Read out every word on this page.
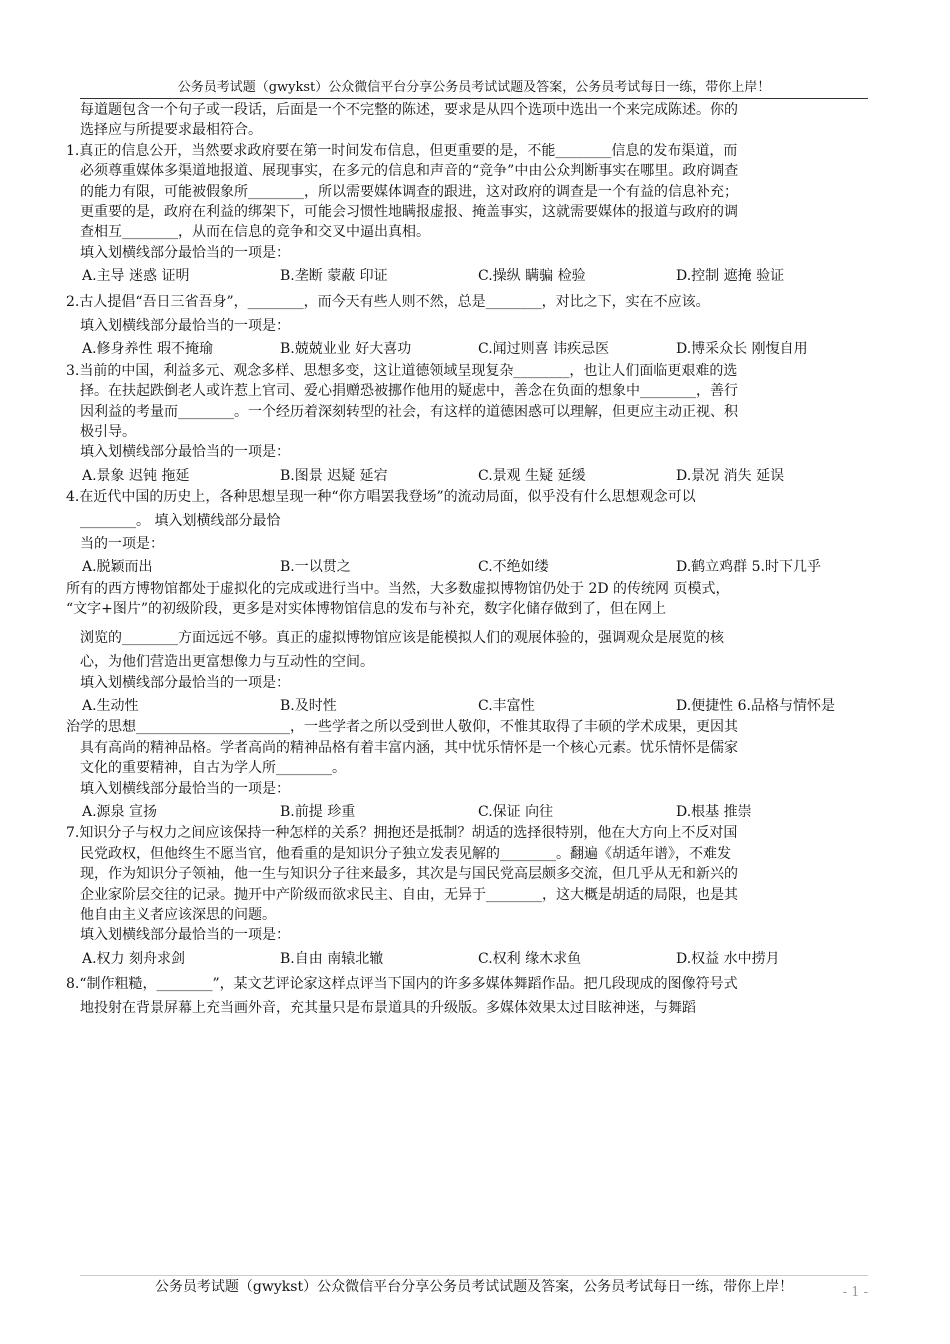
公务员考试题（gwykst）公众微信平台分享公务员考试试题及答案，公务员考试每日一练，带你上岸！
每道题包含一个句子或一段话，后面是一个不完整的陈述，要求是从四个选项中选出一个来完成陈述。你的
选择应与所提要求最相符合。
1.真正的信息公开，当然要求政府要在第一时间发布信息，但更重要的是，不能________信息的发布渠道，而
必须尊重媒体多渠道地报道、展现事实，在多元的信息和声音的“竞争”中由公众判断事实在哪里。政府调查
的能力有限，可能被假象所________，所以需要媒体调查的跟进，这对政府的调查是一个有益的信息补充；
更重要的是，政府在利益的绑架下，可能会习惯性地瞒报虚报、掩盖事实，这就需要媒体的报道与政府的调
查相互________，从而在信息的竞争和交叉中逼出真相。
填入划横线部分最恰当的一项是：
A.主导 迷惑 证明	B.垄断 蒙蔽 印证	C.操纵 瞒骗 检验	D.控制 遮掩 验证
2.古人提倡“吾日三省吾身”，________，而今天有些人则不然，总是________，对比之下，实在不应该。
填入划横线部分最恰当的一项是：
A.修身养性 瑕不掩瑜	B.兢兢业业 好大喜功	C.闻过则喜 讳疾忌医	D.博采众长 刚愎自用
3.当前的中国，利益多元、观念多样、思想多变，这让道德领域呈现复杂________，也让人们面临更艰难的选
择。在扶起跌倒老人或许惹上官司、爱心捐赠恐被挪作他用的疑虑中，善念在负面的想象中________，善行
因利益的考量而________。一个经历着深刻转型的社会，有这样的道德困惑可以理解，但更应主动正视、积
极引导。
填入划横线部分最恰当的一项是：
A.景象 迟钝 拖延	B.图景 迟疑 延宕	C.景观 生疑 延缓	D.景况 消失 延误
4.在近代中国的历史上，各种思想呈现一种“你方唱罢我登场”的流动局面，似乎没有什么思想观念可以
________。 填入划横线部分最恰
当的一项是：
A.脱颖而出	B.一以贯之	C.不绝如缕	D.鹤立鸡群 5.时下几乎
所有的西方博物馆都处于虚拟化的完成或进行当中。当然，大多数虚拟博物馆仍处于 2D 的传统网 页模式，
“文字+图片”的初级阶段，更多是对实体博物馆信息的发布与补充，数字化储存做到了，但在网上
浏览的________方面远远不够。真正的虚拟博物馆应该是能模拟人们的观展体验的，强调观众是展览的核
心，为他们营造出更富想像力与互动性的空间。
填入划横线部分最恰当的一项是：
A.生动性	B.及时性	C.丰富性	D.便捷性 6.品格与情怀是
治学的思想______________________，一些学者之所以受到世人敬仰，不惟其取得了丰硕的学术成果，更因其
具有高尚的精神品格。学者高尚的精神品格有着丰富内涵，其中忧乐情怀是一个核心元素。忧乐情怀是儒家
文化的重要精神，自古为学人所________。
填入划横线部分最恰当的一项是：
A.源泉 宣扬	B.前提 珍重	C.保证 向往	D.根基 推崇
7.知识分子与权力之间应该保持一种怎样的关系？拥抱还是抵制？胡适的选择很特别，他在大方向上不反对国
民党政权，但他终生不愿当官，他看重的是知识分子独立发表见解的________。翻遍《胡适年谱》，不难发
现，作为知识分子领袖，他一生与知识分子往来最多，其次是与国民党高层颇多交流，但几乎从无和新兴的
企业家阶层交往的记录。抛开中产阶级而欲求民主、自由，无异于________，这大概是胡适的局限，也是其
他自由主义者应该深思的问题。
填入划横线部分最恰当的一项是：
A.权力 刻舟求剑	B.自由 南辕北辙	C.权利 缘木求鱼	D.权益 水中捞月
8.“制作粗糙，________”，某文艺评论家这样点评当下国内的许多多媒体舞蹈作品。把几段现成的图像符号式
地投射在背景屏幕上充当画外音，充其量只是布景道具的升级版。多媒体效果太过目眩神迷，与舞蹈
公务员考试题（gwykst）公众微信平台分享公务员考试试题及答案，公务员考试每日一练，带你上岸！	- 1 -
